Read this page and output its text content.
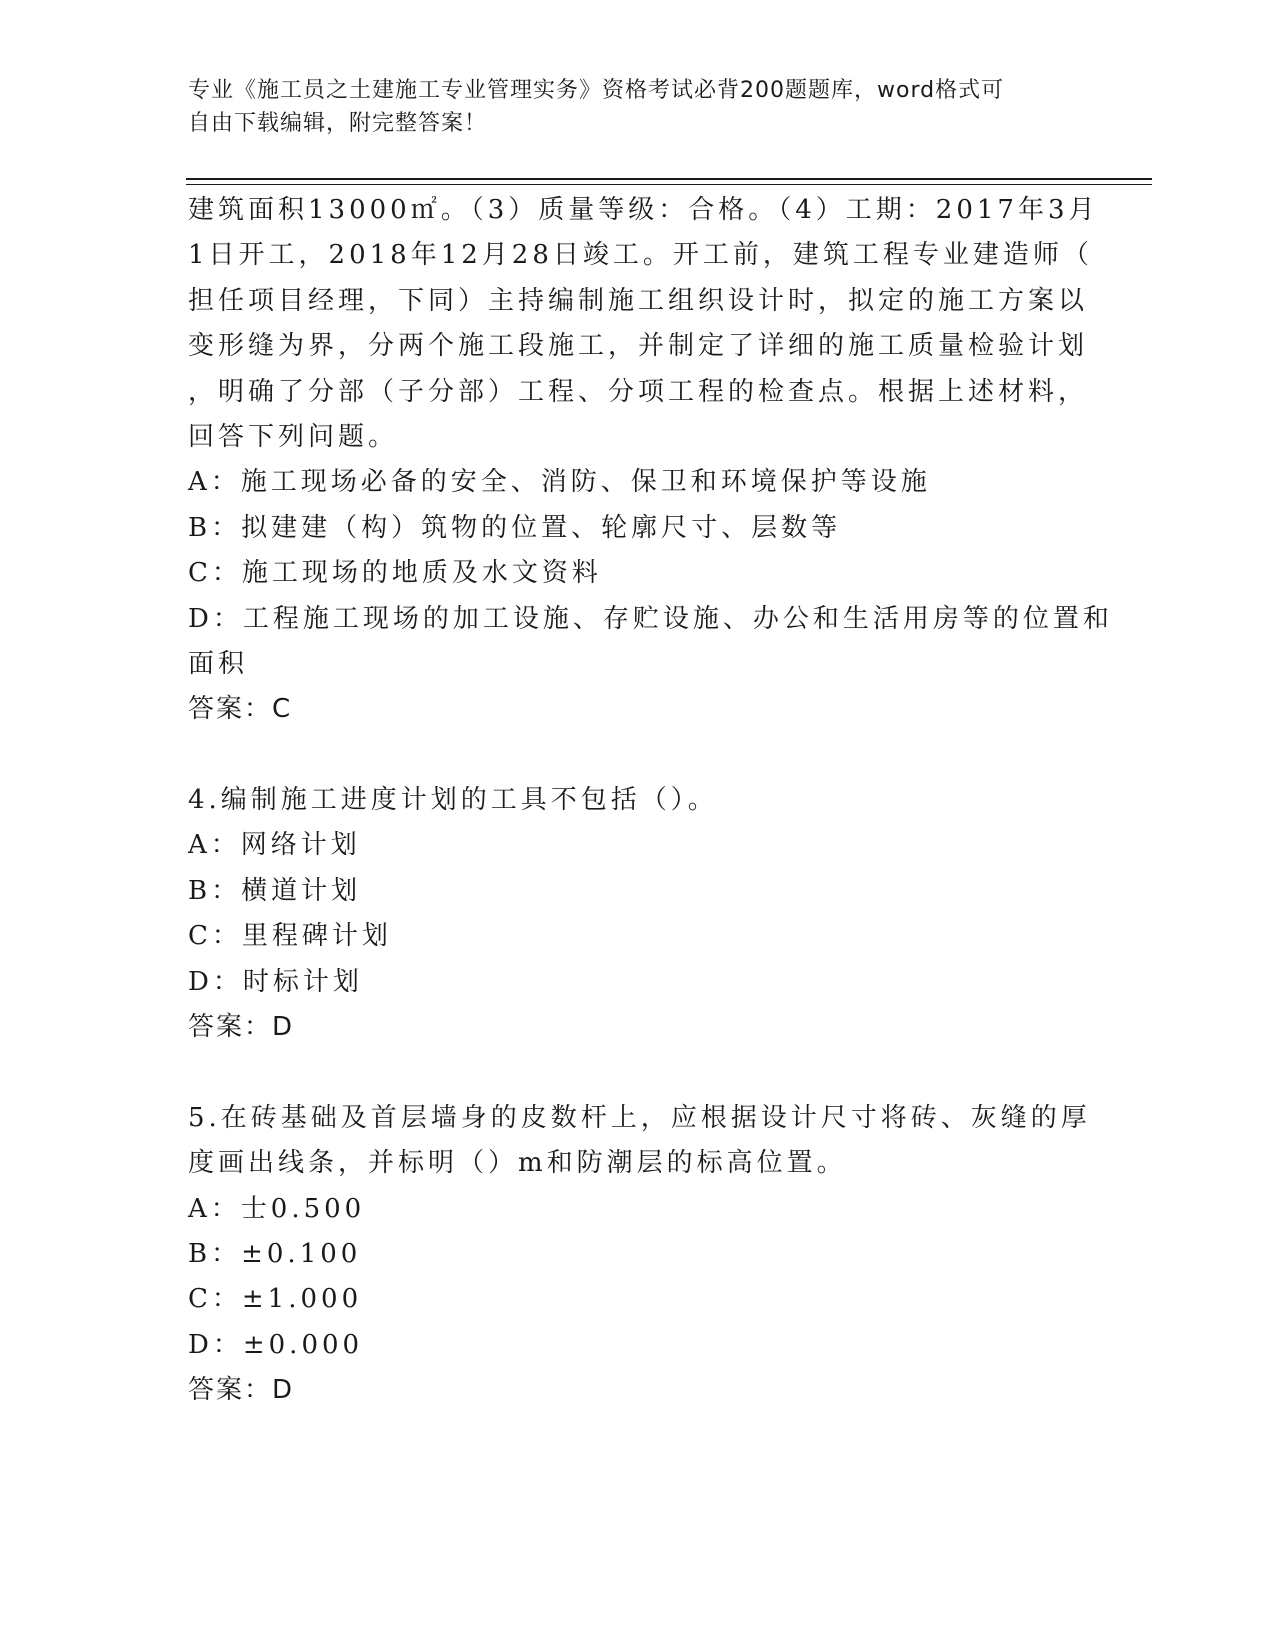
专业《施工员之土建施工专业管理实务》资格考试必背200题题库，word格式可
自由下载编辑，附完整答案！
建筑面积13000㎡。（3）质量等级：合格。（4）工期：2017年3月
1日开工，2018年12月28日竣工。开工前，建筑工程专业建造师（
担任项目经理，下同）主持编制施工组织设计时，拟定的施工方案以
变形缝为界，分两个施工段施工，并制定了详细的施工质量检验计划
，明确了分部（子分部）工程、分项工程的检查点。根据上述材料，
回答下列问题。
A：施工现场必备的安全、消防、保卫和环境保护等设施
B：拟建建（构）筑物的位置、轮廓尺寸、层数等
C：施工现场的地质及水文资料
D：工程施工现场的加工设施、存贮设施、办公和生活用房等的位置和
面积
答案：C
4.编制施工进度计划的工具不包括（）。
A：网络计划
B：横道计划
C：里程碑计划
D：时标计划
答案：D
5.在砖基础及首层墙身的皮数杆上，应根据设计尺寸将砖、灰缝的厚
度画出线条，并标明（）m和防潮层的标高位置。
A：士0.500
B：±0.100
C：±1.000
D：±0.000
答案：D
